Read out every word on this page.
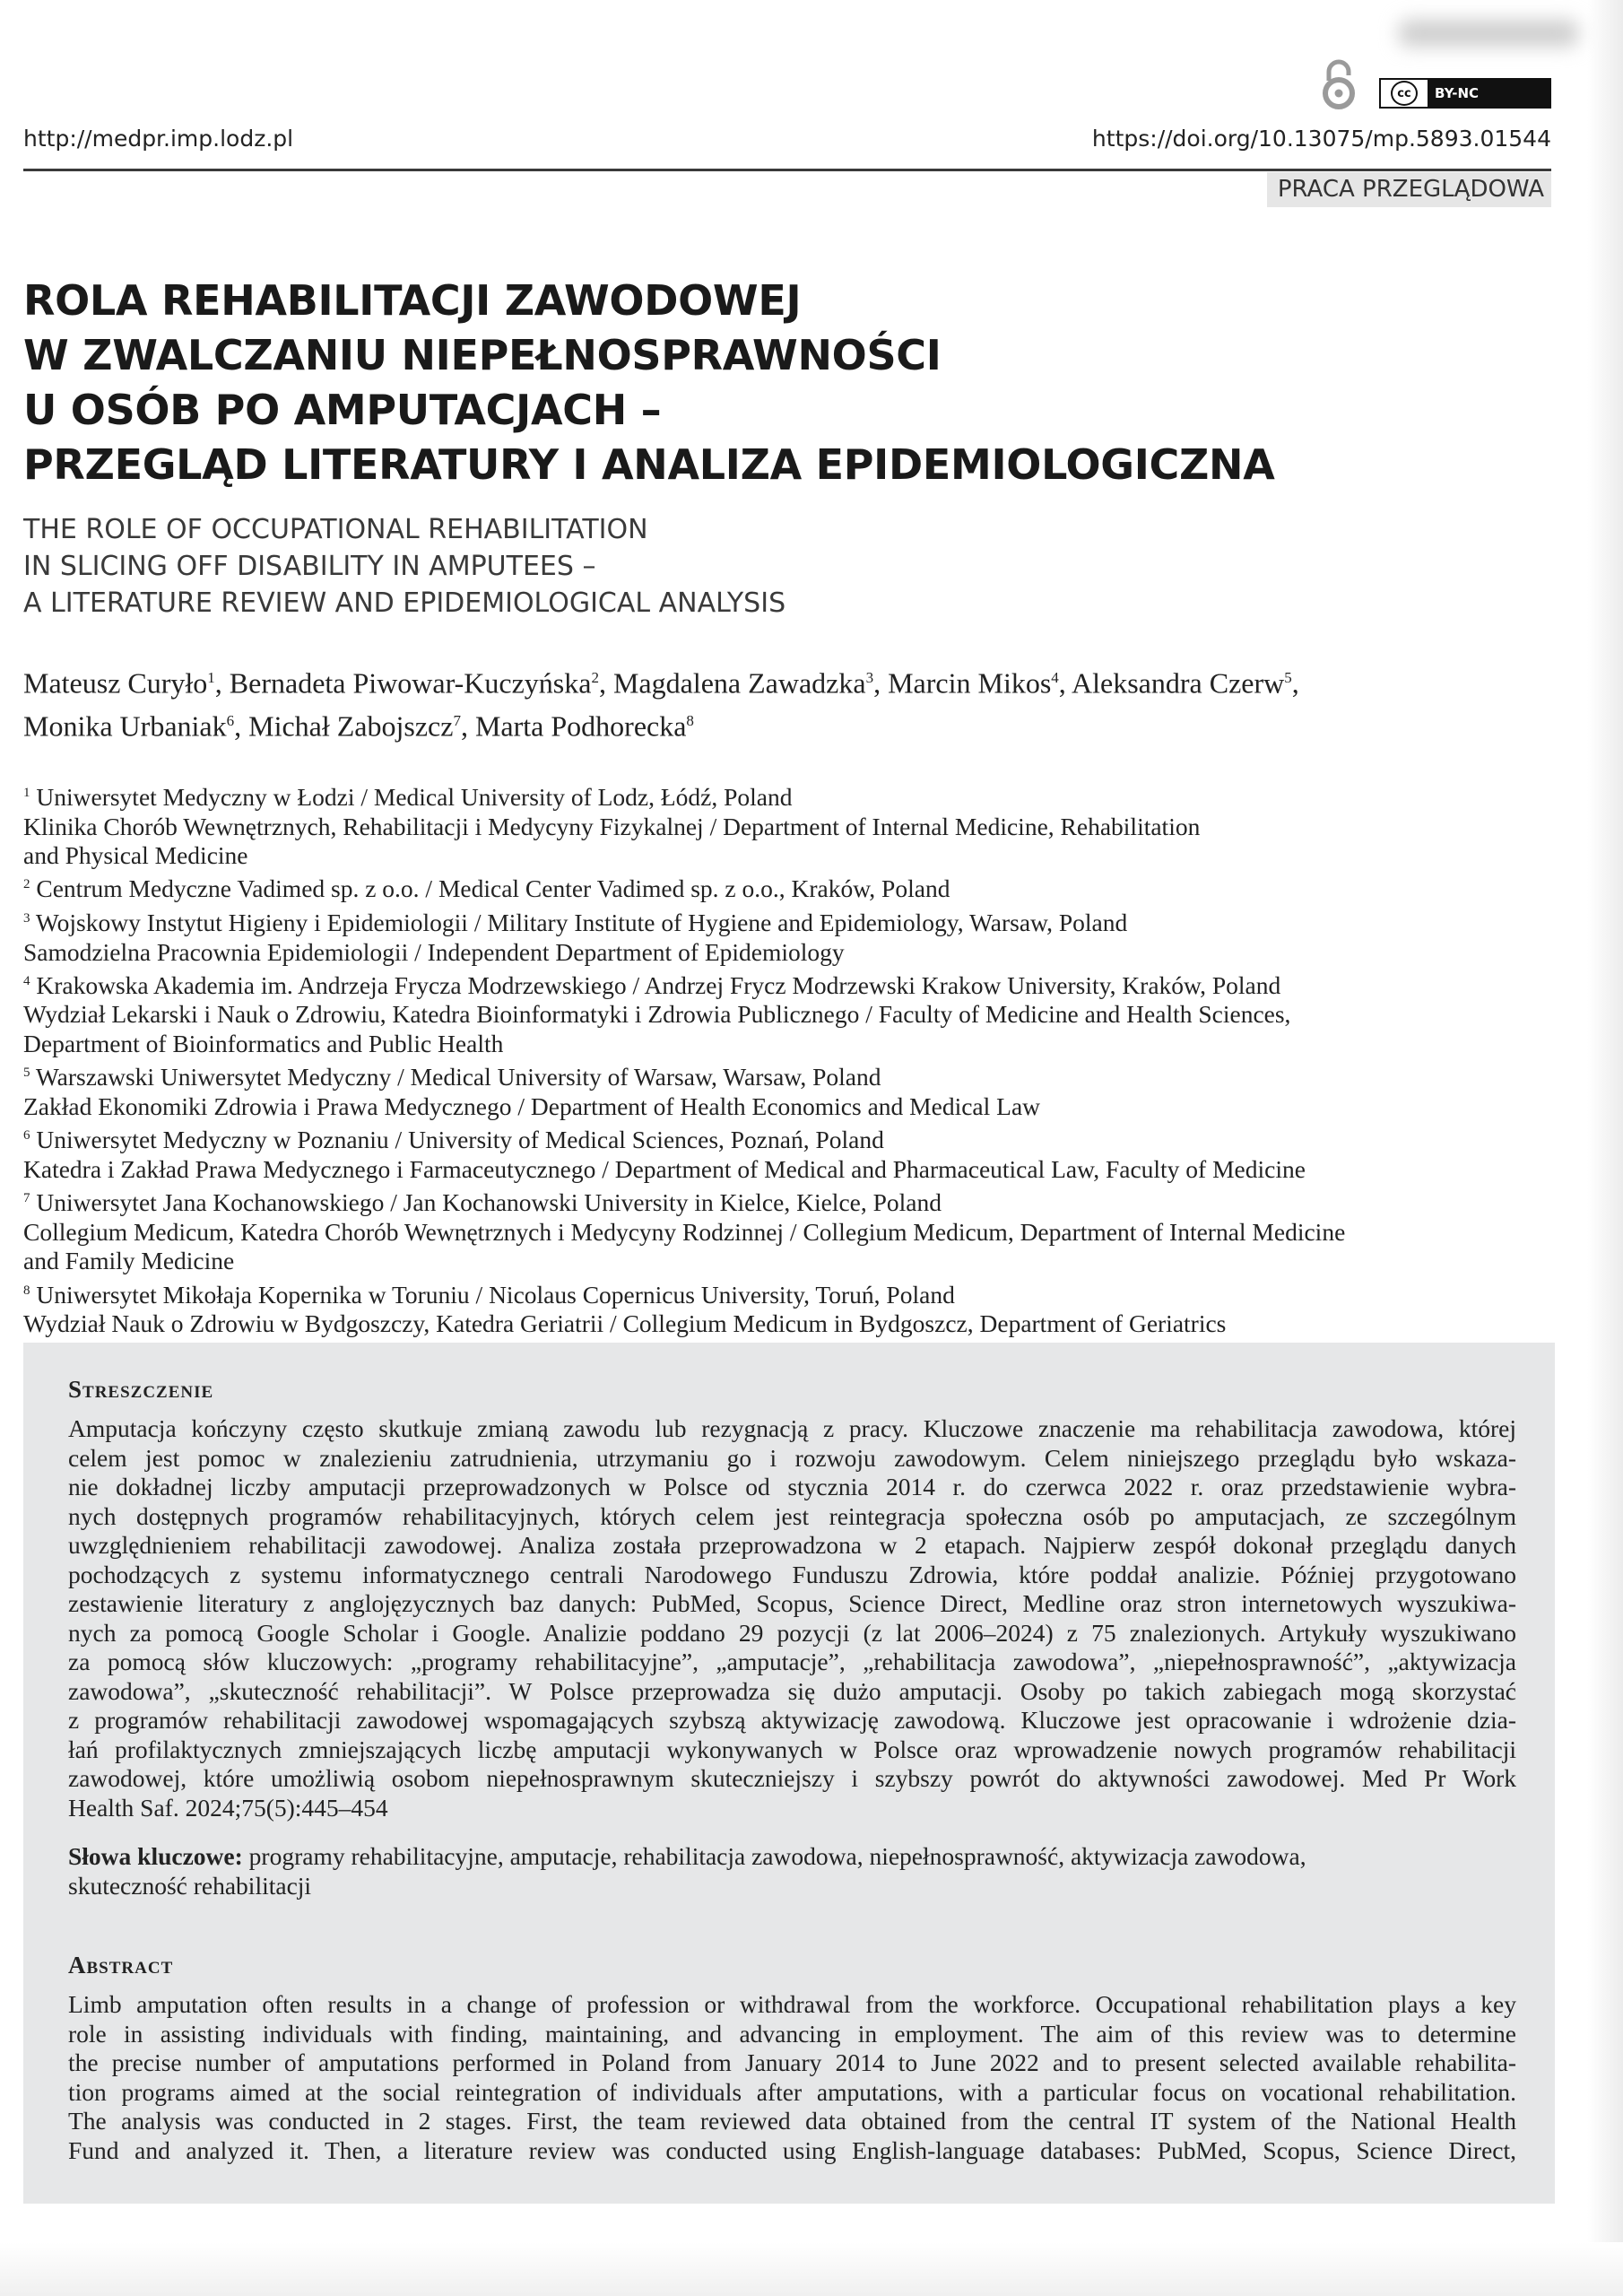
cc	BY-NC
http://medpr.imp.lodz.pl	https://doi.org/10.13075/mp.5893.01544
PRACA PRZEGLĄDOWA
ROLA REHABILITACJI ZAWODOWEJ
W ZWALCZANIU NIEPEŁNOSPRAWNOŚCI
U OSÓB PO AMPUTACJACH –
PRZEGLĄD LITERATURY I ANALIZA EPIDEMIOLOGICZNA
THE ROLE OF OCCUPATIONAL REHABILITATION
IN SLICING OFF DISABILITY IN AMPUTEES –
A LITERATURE REVIEW AND EPIDEMIOLOGICAL ANALYSIS
Mateusz Curyło$^1$, Bernadeta Piwowar-Kuczyńska$^2$, Magdalena Zawadzka$^3$, Marcin Mikos$^4$, Aleksandra Czerw$^5$,
Monika Urbaniak$^6$, Michał Zabojszcz$^7$, Marta Podhorecka$^8$
$^1$ Uniwersytet Medyczny w Łodzi / Medical University of Lodz, Łódź, Poland
Klinika Chorób Wewnętrznych, Rehabilitacji i Medycyny Fizykalnej / Department of Internal Medicine, Rehabilitation
and Physical Medicine
$^2$ Centrum Medyczne Vadimed sp. z o.o. / Medical Center Vadimed sp. z o.o., Kraków, Poland
$^3$ Wojskowy Instytut Higieny i Epidemiologii / Military Institute of Hygiene and Epidemiology, Warsaw, Poland
Samodzielna Pracownia Epidemiologii / Independent Department of Epidemiology
$^4$ Krakowska Akademia im. Andrzeja Frycza Modrzewskiego / Andrzej Frycz Modrzewski Krakow University, Kraków, Poland
Wydział Lekarski i Nauk o Zdrowiu, Katedra Bioinformatyki i Zdrowia Publicznego / Faculty of Medicine and Health Sciences,
Department of Bioinformatics and Public Health
$^5$ Warszawski Uniwersytet Medyczny / Medical University of Warsaw, Warsaw, Poland
Zakład Ekonomiki Zdrowia i Prawa Medycznego / Department of Health Economics and Medical Law
$^6$ Uniwersytet Medyczny w Poznaniu / University of Medical Sciences, Poznań, Poland
Katedra i Zakład Prawa Medycznego i Farmaceutycznego / Department of Medical and Pharmaceutical Law, Faculty of Medicine
$^7$ Uniwersytet Jana Kochanowskiego / Jan Kochanowski University in Kielce, Kielce, Poland
Collegium Medicum, Katedra Chorób Wewnętrznych i Medycyny Rodzinnej / Collegium Medicum, Department of Internal Medicine
and Family Medicine
$^8$ Uniwersytet Mikołaja Kopernika w Toruniu / Nicolaus Copernicus University, Toruń, Poland
Wydział Nauk o Zdrowiu w Bydgoszczy, Katedra Geriatrii / Collegium Medicum in Bydgoszcz, Department of Geriatrics
Streszczenie
Amputacja kończyny często skutkuje zmianą zawodu lub rezygnacją z pracy. Kluczowe znaczenie ma rehabilitacja zawodowa, której
celem jest pomoc w znalezieniu zatrudnienia, utrzymaniu go i rozwoju zawodowym. Celem niniejszego przeglądu było wskaza-
nie dokładnej liczby amputacji przeprowadzonych w Polsce od stycznia 2014 r. do czerwca 2022 r. oraz przedstawienie wybra-
nych dostępnych programów rehabilitacyjnych, których celem jest reintegracja społeczna osób po amputacjach, ze szczególnym
uwzględnieniem rehabilitacji zawodowej. Analiza została przeprowadzona w 2 etapach. Najpierw zespół dokonał przeglądu danych
pochodzących z systemu informatycznego centrali Narodowego Funduszu Zdrowia, które poddał analizie. Później przygotowano
zestawienie literatury z anglojęzycznych baz danych: PubMed, Scopus, Science Direct, Medline oraz stron internetowych wyszukiwa-
nych za pomocą Google Scholar i Google. Analizie poddano 29 pozycji (z lat 2006–2024) z 75 znalezionych. Artykuły wyszukiwano
za pomocą słów kluczowych: „programy rehabilitacyjne”, „amputacje”, „rehabilitacja zawodowa”, „niepełnosprawność”, „aktywizacja
zawodowa”, „skuteczność rehabilitacji”. W Polsce przeprowadza się dużo amputacji. Osoby po takich zabiegach mogą skorzystać
z programów rehabilitacji zawodowej wspomagających szybszą aktywizację zawodową. Kluczowe jest opracowanie i wdrożenie dzia-
łań profilaktycznych zmniejszających liczbę amputacji wykonywanych w Polsce oraz wprowadzenie nowych programów rehabilitacji
zawodowej, które umożliwią osobom niepełnosprawnym skuteczniejszy i szybszy powrót do aktywności zawodowej. Med Pr Work
Health Saf. 2024;75(5):445–454
Słowa kluczowe: programy rehabilitacyjne, amputacje, rehabilitacja zawodowa, niepełnosprawność, aktywizacja zawodowa,
skuteczność rehabilitacji
Abstract
Limb amputation often results in a change of profession or withdrawal from the workforce. Occupational rehabilitation plays a key
role in assisting individuals with finding, maintaining, and advancing in employment. The aim of this review was to determine
the precise number of amputations performed in Poland from January 2014 to June 2022 and to present selected available rehabilita-
tion programs aimed at the social reintegration of individuals after amputations, with a particular focus on vocational rehabilitation.
The analysis was conducted in 2 stages. First, the team reviewed data obtained from the central IT system of the National Health
Fund and analyzed it. Then, a literature review was conducted using English-language databases: PubMed, Scopus, Science Direct,
